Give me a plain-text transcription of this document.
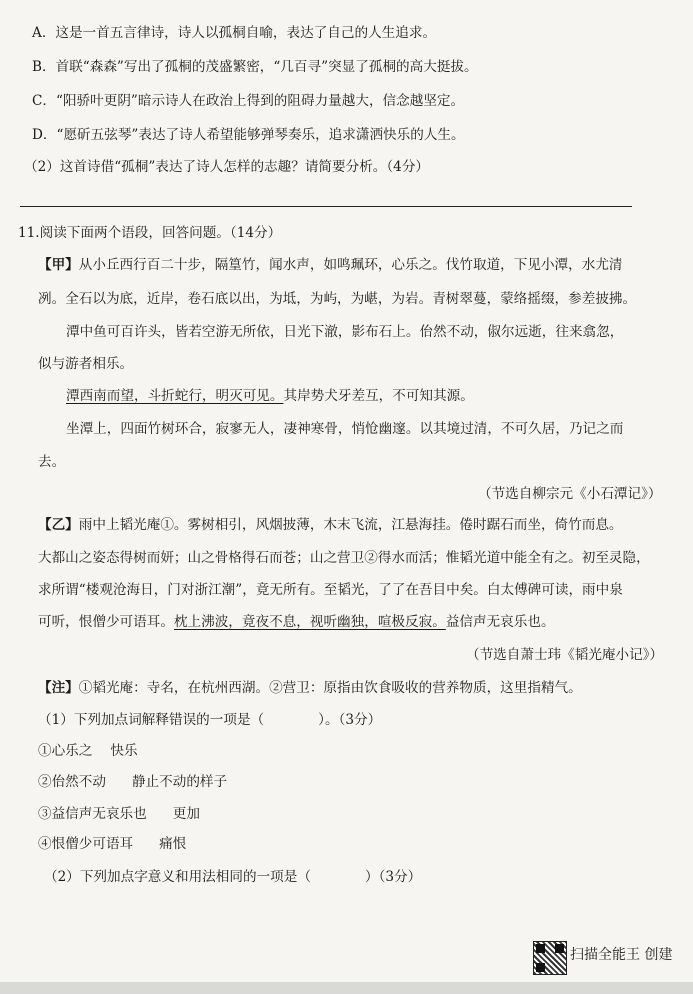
A．这是一首五言律诗，诗人以孤桐自喻，表达了自己的人生追求。
B．首联“森森”写出了孤桐的茂盛繁密，“几百寻”突显了孤桐的高大挺拔。
C．“阳骄叶更阴”暗示诗人在政治上得到的阻碍力量越大，信念越坚定。
D．“愿斫五弦琴”表达了诗人希望能够弹琴奏乐，追求潇洒快乐的人生。
（2）这首诗借“孤桐”表达了诗人怎样的志趣？请简要分析。（4分）
11.阅读下面两个语段，回答问题。（14分）
【甲】从小丘西行百二十步，隔篁竹，闻水声，如鸣珮环，心乐之。伐竹取道，下见小潭，水尤清
冽。全石以为底，近岸，卷石底以出，为坻，为屿，为嵁，为岩。青树翠蔓，蒙络摇缀，参差披拂。
潭中鱼可百许头，皆若空游无所依，日光下澈，影布石上。佁然不动，俶尔远逝，往来翕忽，
似与游者相乐。
潭西南而望，斗折蛇行，明灭可见。其岸势犬牙差互，不可知其源。
坐潭上，四面竹树环合，寂寥无人，凄神寒骨，悄怆幽邃。以其境过清，不可久居，乃记之而
去。
（节选自柳宗元《小石潭记》）
【乙】雨中上韬光庵①。雾树相引，风烟披薄，木末飞流，江悬海挂。倦时踞石而坐，倚竹而息。
大都山之姿态得树而妍；山之骨格得石而苍；山之营卫②得水而活；惟韬光道中能全有之。初至灵隐，
求所谓“楼观沧海日，门对浙江潮”，竟无所有。至韬光，了了在吾目中矣。白太傅碑可读，雨中泉
可听，恨僧少可语耳。枕上沸波，竟夜不息，视听幽独，喧极反寂。益信声无哀乐也。
（节选自萧士玮《韬光庵小记》）
【注】①韬光庵：寺名，在杭州西湖。②营卫：原指由饮食吸收的营养物质，这里指精气。
（1）下列加点词解释错误的一项是（	）。（3分）
①心乐之 快乐
②佁然不动 静止不动的样子
③益信声无哀乐也 更加
④恨僧少可语耳 痛恨
（2）下列加点字意义和用法相同的一项是（	）（3分）
扫描全能王 创建
